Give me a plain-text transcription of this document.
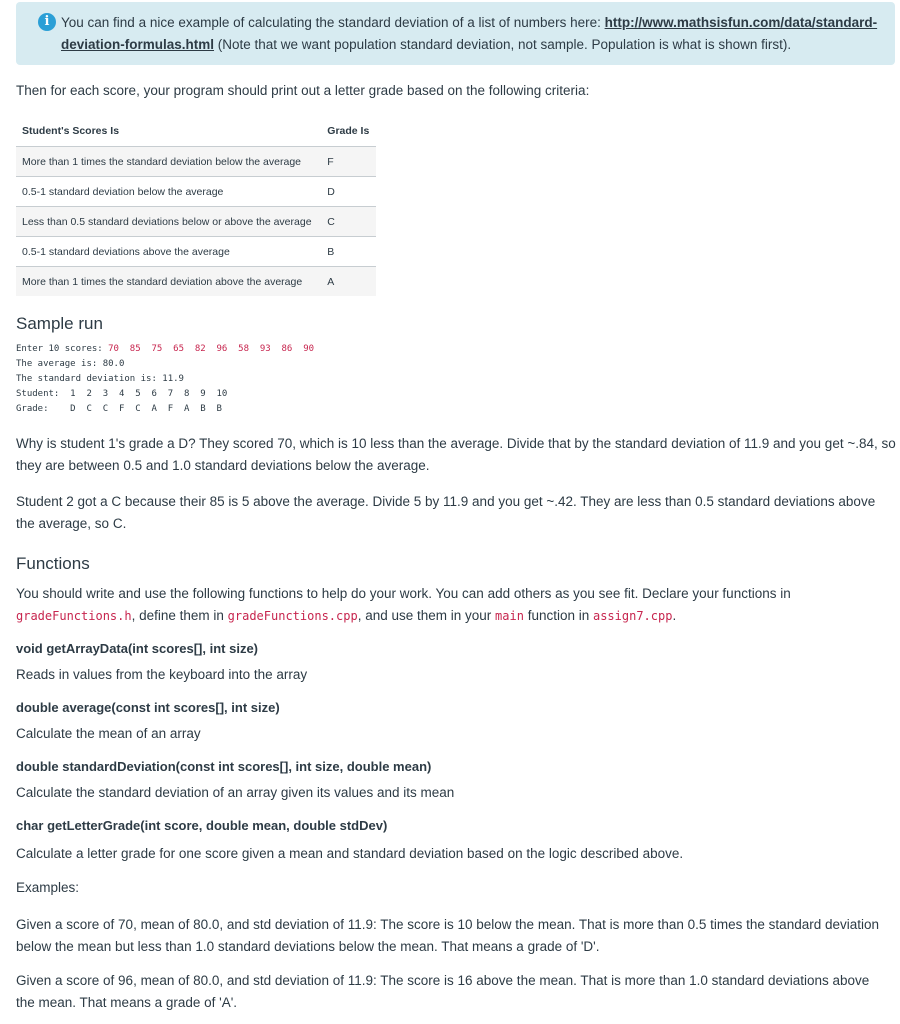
i You can find a nice example of calculating the standard deviation of a list of numbers here: http://www.mathsisfun.com/data/standard-
deviation-formulas.html (Note that we want population standard deviation, not sample. Population is what is shown first).

Then for each score, your program should print out a letter grade based on the following criteria:

Student's Scores Is	Grade Is
More than 1 times the standard deviation below the average	F
0.5-1 standard deviation below the average	D
Less than 0.5 standard deviations below or above the average	C
0.5-1 standard deviations above the average	B
More than 1 times the standard deviation above the average	A
Sample run
Enter 10 scores: 70  85  75  65  82  96  58  93  86  90
The average is: 80.0
The standard deviation is: 11.9
Student:  1  2  3  4  5  6  7  8  9  10
Grade:    D  C  C  F  C  A  F  A  B  B

Why is student 1's grade a D? They scored 70, which is 10 less than the average. Divide that by the standard deviation of 11.9 and you get ~.84, so they are between 0.5 and 1.0 standard deviations below the average.

Student 2 got a C because their 85 is 5 above the average. Divide 5 by 11.9 and you get ~.42. They are less than 0.5 standard deviations above the average, so C.

Functions

You should write and use the following functions to help do your work. You can add others as you see fit. Declare your functions in gradeFunctions.h, define them in gradeFunctions.cpp, and use them in your main function in assign7.cpp.

void getArrayData(int scores[], int size)

Reads in values from the keyboard into the array

double average(const int scores[], int size)

Calculate the mean of an array

double standardDeviation(const int scores[], int size, double mean)

Calculate the standard deviation of an array given its values and its mean

char getLetterGrade(int score, double mean, double stdDev)

Calculate a letter grade for one score given a mean and standard deviation based on the logic described above.

Examples:

Given a score of 70, mean of 80.0, and std deviation of 11.9: The score is 10 below the mean. That is more than 0.5 times the standard deviation below the mean but less than 1.0 standard deviations below the mean. That means a grade of 'D'.

Given a score of 96, mean of 80.0, and std deviation of 11.9: The score is 16 above the mean. That is more than 1.0 standard deviations above the mean. That means a grade of 'A'.
